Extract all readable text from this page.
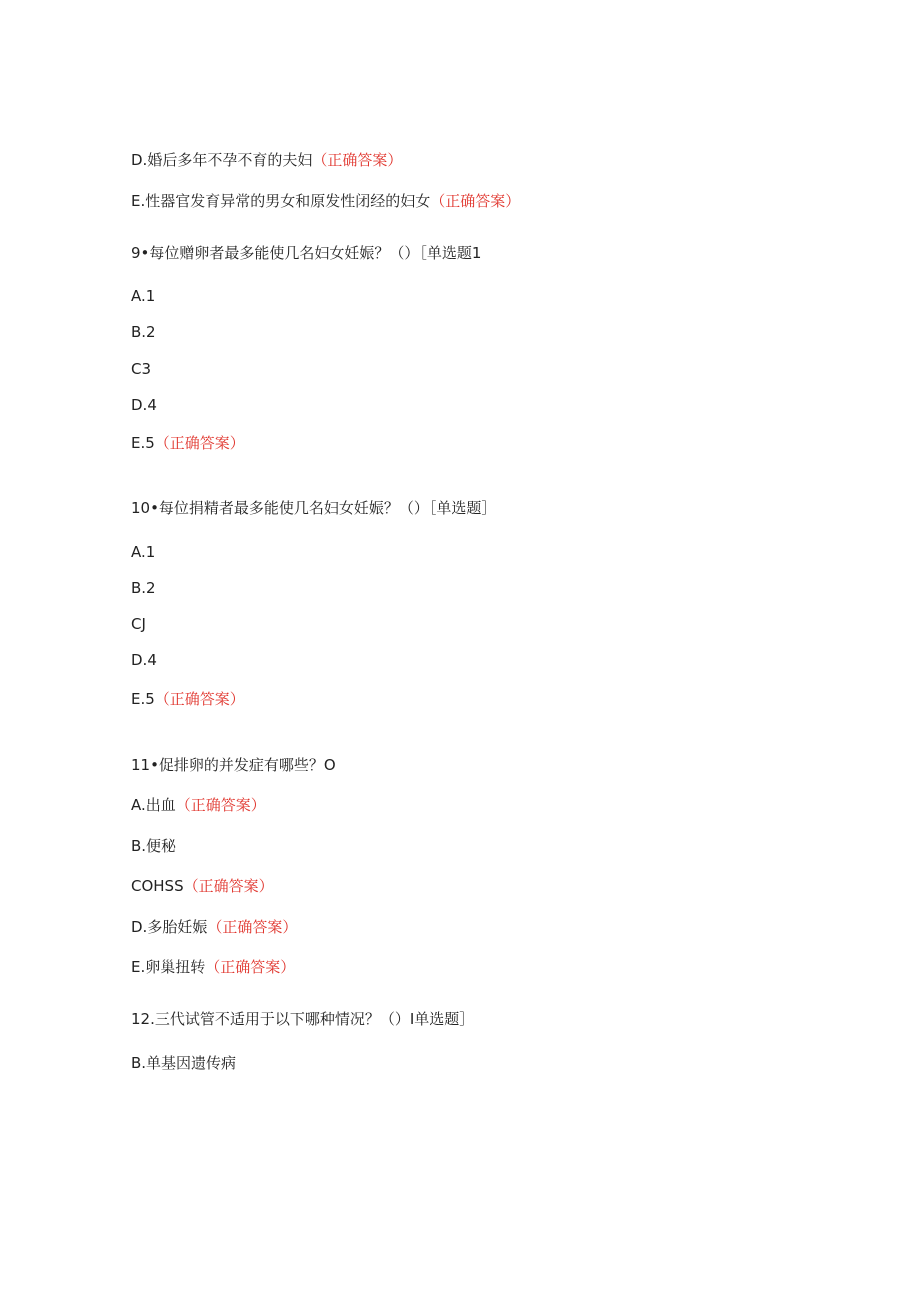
D.婚后多年不孕不育的夫妇（正确答案）
E.性器官发育异常的男女和原发性闭经的妇女（正确答案）
9•每位赠卵者最多能使几名妇女妊娠？（）［单选题1
A.1
B.2
C3
D.4
E.5（正确答案）
10•每位捐精者最多能使几名妇女妊娠？（）［单选题］
A.1
B.2
CJ
D.4
E.5（正确答案）
11•促排卵的并发症有哪些？O
A.出血（正确答案）
B.便秘
COHSS（正确答案）
D.多胎妊娠（正确答案）
E.卵巢扭转（正确答案）
12.三代试管不适用于以下哪种情况？（）I单选题］
B.单基因遗传病
